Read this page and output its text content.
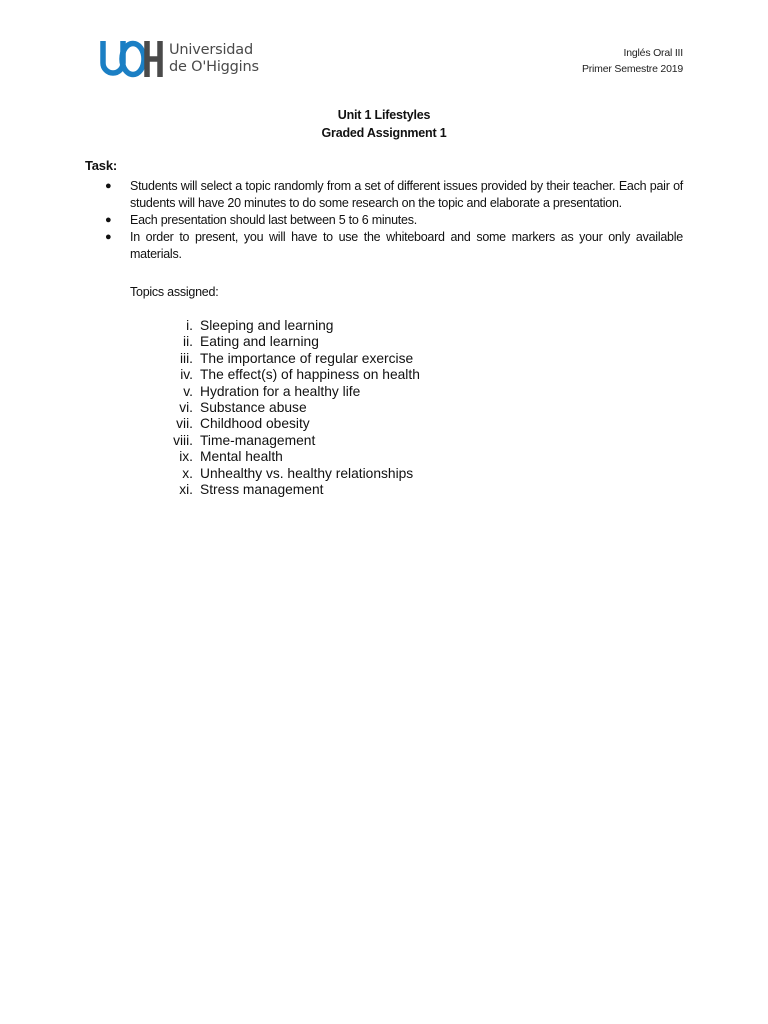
Universidad
de O'Higgins
Inglés Oral III
Primer Semestre 2019
Unit 1 Lifestyles
Graded Assignment 1
Task:
● Students will select a topic randomly from a set of different issues provided by their teacher. Each pair of students will have 20 minutes to do some research on the topic and elaborate a presentation.
● Each presentation should last between 5 to 6 minutes.
● In order to present, you will have to use the whiteboard and some markers as your only available materials.
Topics assigned:
i. Sleeping and learning
ii. Eating and learning
iii. The importance of regular exercise
iv. The effect(s) of happiness on health
v. Hydration for a healthy life
vi. Substance abuse
vii. Childhood obesity
viii. Time-management
ix. Mental health
x. Unhealthy vs. healthy relationships
xi. Stress management
